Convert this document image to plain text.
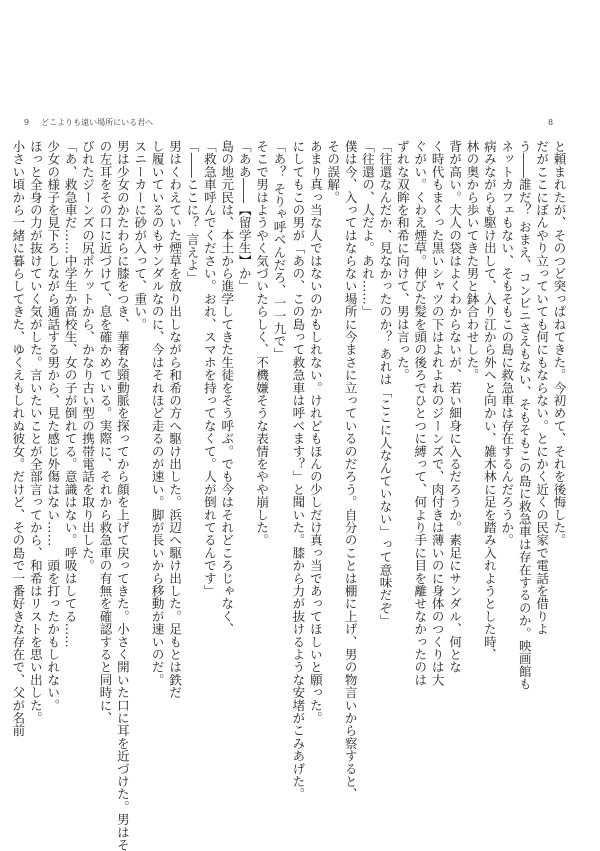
9 どこよりも遠い場所にいる君へ	8
と頼まれたが、そのつど突っぱねてきた。今初めて、それを後悔した。
だがここにぼんやり立っていても何にもならない。とにかく近くの民家で電話を借りよ
う――誰だ？ おまえ、コンビニさえもない、そもそもこの島に救急車は存在するのか。映画館も
ネットカフェもない、そもそもこの島に救急車は存在するんだろうか。
病みながらも駆け出して、入り江から外へと向かい、雑木林に足を踏み入れようとした時、
林の奥から歩いてきた男と鉢合わせした。
背が高い。大人の袋はよくわからないが、若い細身に入るだろうか。素足にサンダル、何とな
く時代もまくった黒いシャツの下はよれよれのジーンズで、肉付きは薄いのに身体のつくりは大
ぐがい。くわえ煙草。伸びた髪を頭の後ろでひとつに縛って、何より手に目を離せなかったのは
ずれな双眸を和希に向けて、男は言った。
「往還なんだか、見なかったのか？ あれは「ここに人なんていない」って意味だぞ」
「往還の、人だよ。あれ……」
僕は今、入ってはならない場所に今まさに立っているのだろう。自分のことは棚に上げ、男の物言いから察すると、
その誤解。
あまり真っ当な人ではないのかもしれない。けれどもほんの少しだけ真っ当であってほしいと願った。
にしてもこの男が「あの、この島って救急車は呼べます？」と聞いた。膝から力が抜けるような安堵がこみあげた。
「あ？ そりゃ呼べんだろ、一一九で」
そこで男はようやく気づいたらしく、不機嫌そうな表情をやや崩した。
「ああ――【留学生】か」
島の地元民は、本土から進学してきた生徒をそう呼ぶ。でも今はそれどころじゃなく、
「救急車呼んでください。おれ、スマホを持ってなくて。人が倒れてるんです」
「――ここに？ 言えよ」
男はくわえていた煙草を放り出しながら和希の方へ駆け出した。浜辺へ駆け出した。足もとは鉄だ
し履いているのもサンダルなのに、今はそれほど走るのが速い。脚が長いから移動が速いのだ。
スニーカーに砂が入って、重い。
男は少女のかたわらに膝をつき、華奢な頸動脈を探ってから顔を上げて戻ってきた。小さく開いた口に耳を近づけた。男はそ
の左耳をその口に近づけて、息を確かめている。実際に、それから救急車の有無を確認すると同時に、
びれたジーンズの尻ポケットから、かなり古い型の携帯電話を取り出した。
「あ、救急車だ……中学生か高校生、女の子が倒れてる。意識はない。呼吸はしてる……
少女の様子を見下ろしながら通話する男から、見た感じ外傷はない……　頭を打ったかもしれない。
ほっと全身の力が抜けていく気がした。言いたいことが全部言ってから、和希はリストを思い出した。
小さい頃から一緒に暮らしてきた、ゆくえもしれぬ彼女。だけど、その島で一番好きな存在で、父が名前
